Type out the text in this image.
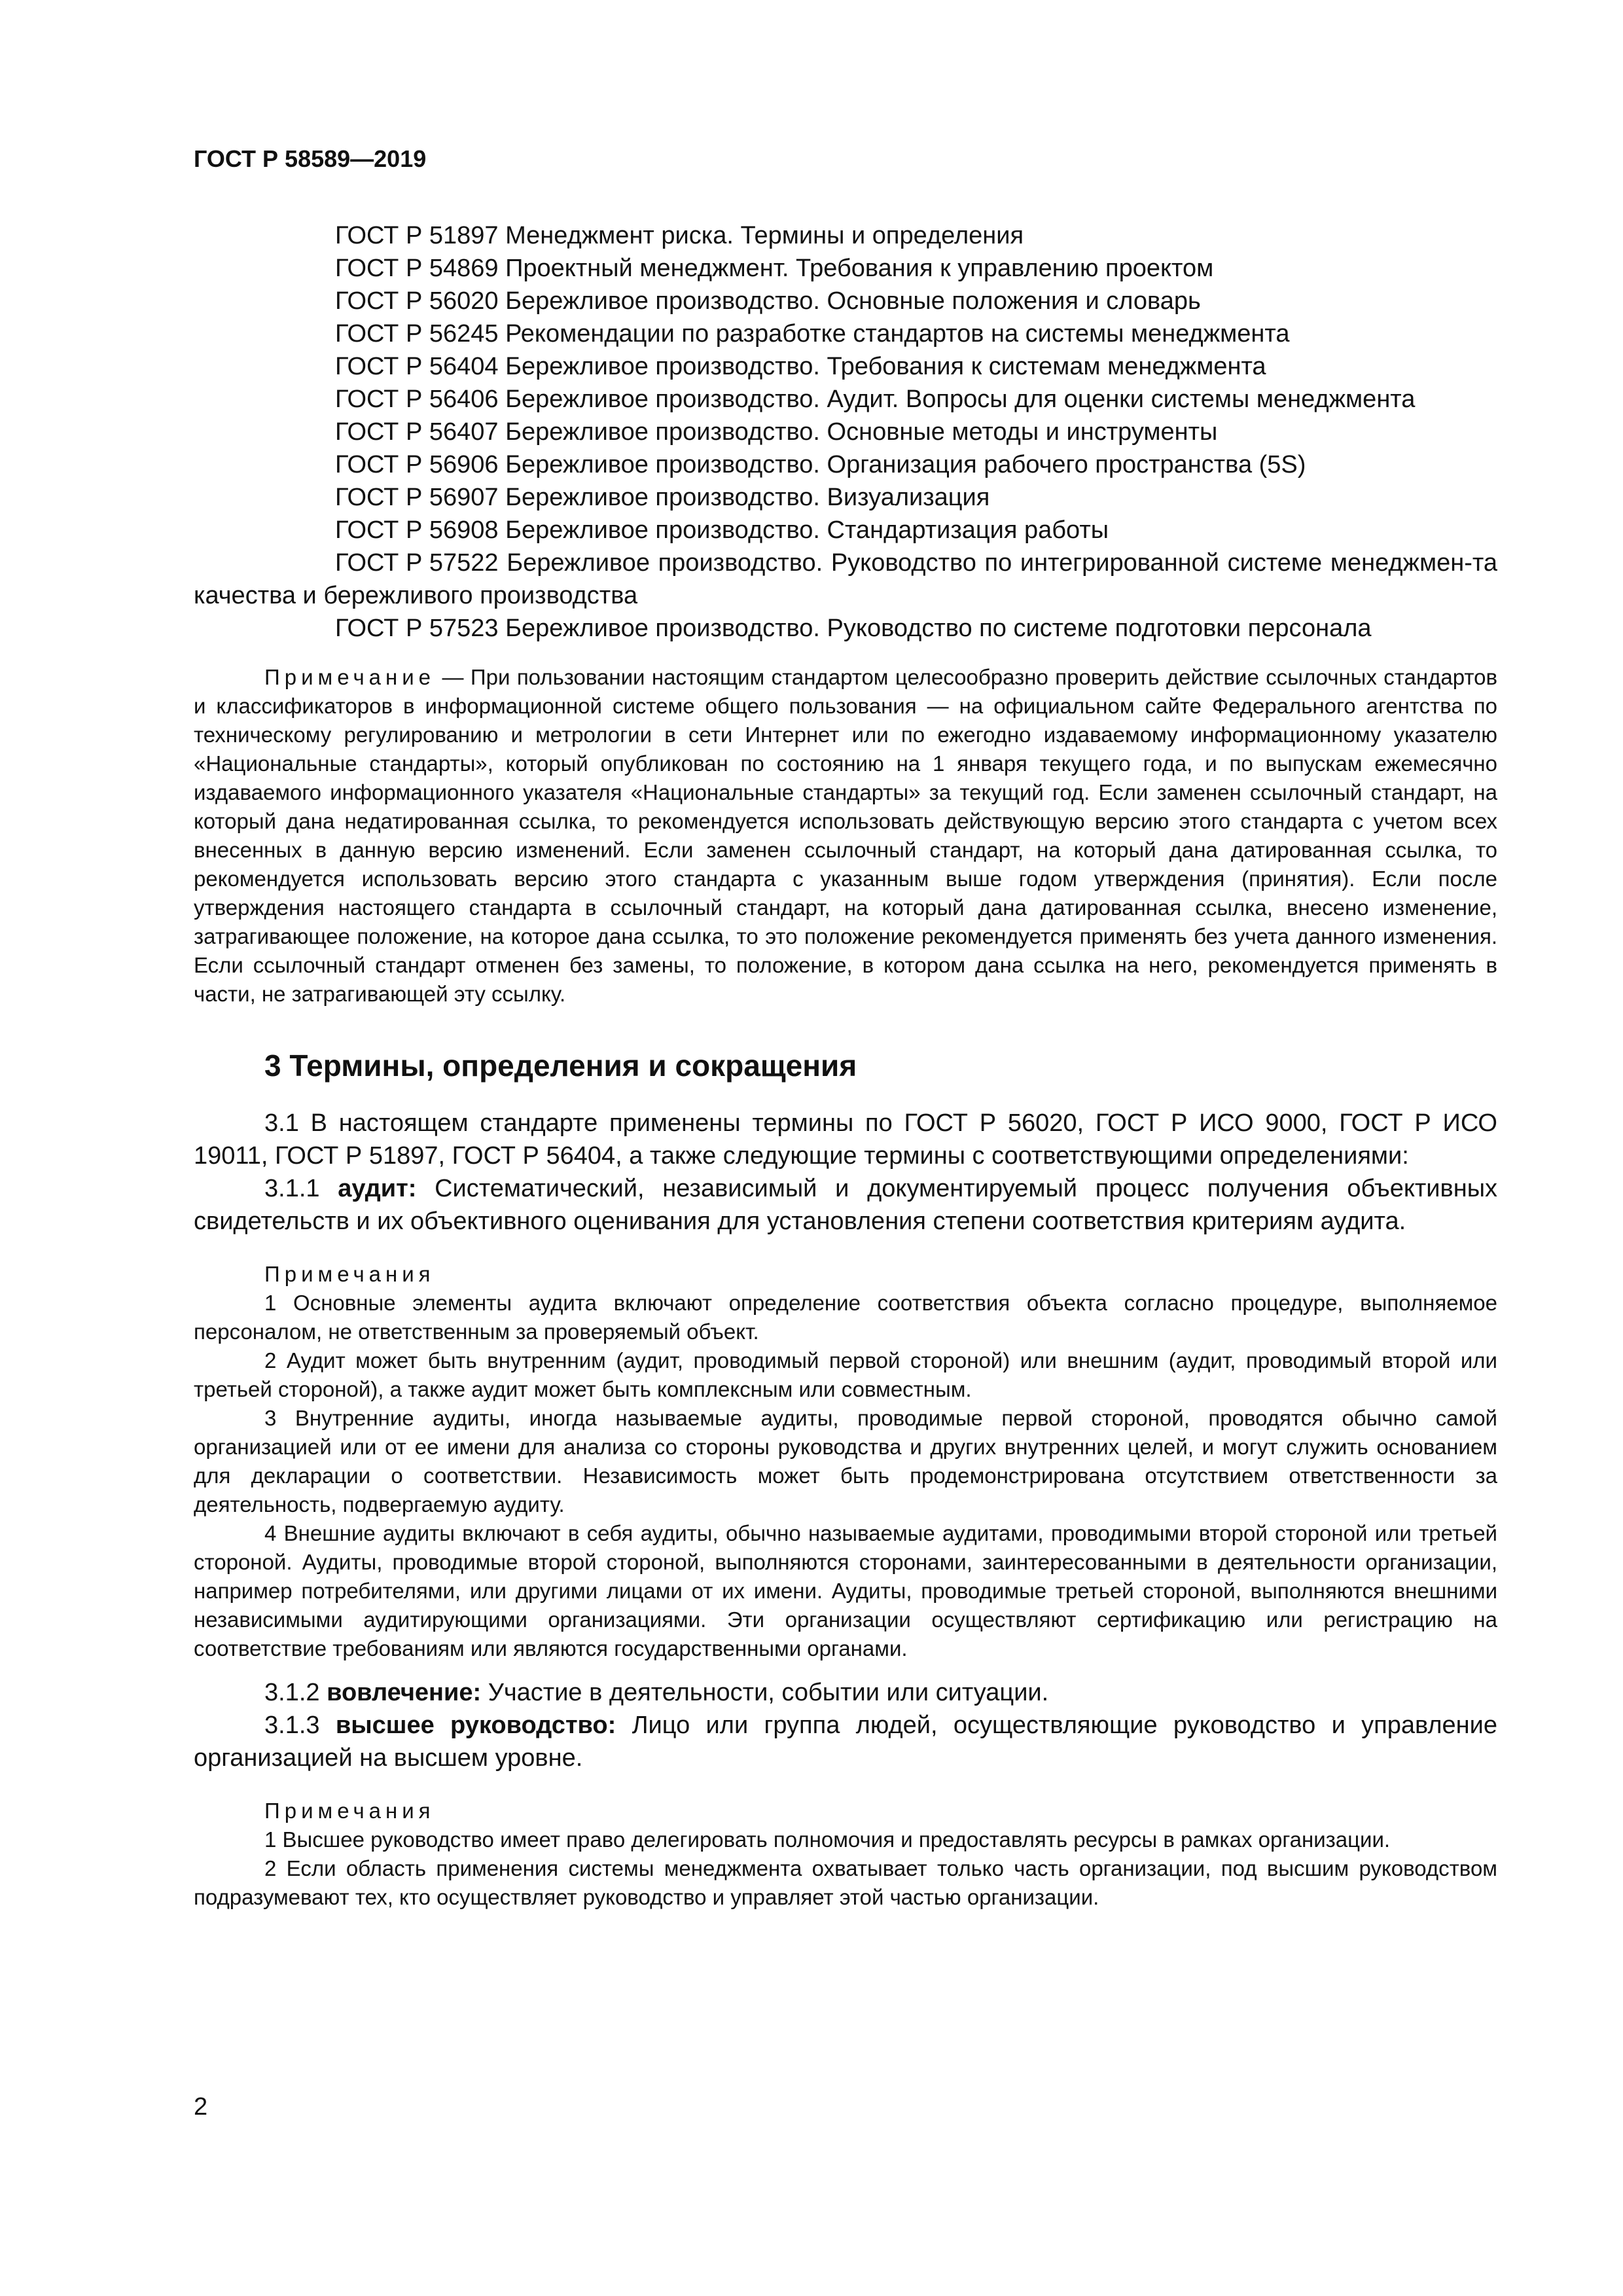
ГОСТ Р 58589—2019
ГОСТ Р 51897 Менеджмент риска. Термины и определения
ГОСТ Р 54869 Проектный менеджмент. Требования к управлению проектом
ГОСТ Р 56020 Бережливое производство. Основные положения и словарь
ГОСТ Р 56245 Рекомендации по разработке стандартов на системы менеджмента
ГОСТ Р 56404 Бережливое производство. Требования к системам менеджмента
ГОСТ Р 56406 Бережливое производство. Аудит. Вопросы для оценки системы менеджмента
ГОСТ Р 56407 Бережливое производство. Основные методы и инструменты
ГОСТ Р 56906 Бережливое производство. Организация рабочего пространства (5S)
ГОСТ Р 56907 Бережливое производство. Визуализация
ГОСТ Р 56908 Бережливое производство. Стандартизация работы
ГОСТ Р 57522 Бережливое производство. Руководство по интегрированной системе менеджмен-та качества и бережливого производства
ГОСТ Р 57523 Бережливое производство. Руководство по системе подготовки персонала

Примечание — При пользовании настоящим стандартом целесообразно проверить действие ссылочных стандартов и классификаторов в информационной системе общего пользования — на официальном сайте Федерального агентства по техническому регулированию и метрологии в сети Интернет или по ежегодно издаваемому информационному указателю «Национальные стандарты», который опубликован по состоянию на 1 января текущего года, и по выпускам ежемесячно издаваемого информационного указателя «Национальные стандарты» за текущий год. Если заменен ссылочный стандарт, на который дана недатированная ссылка, то рекомендуется использовать действующую версию этого стандарта с учетом всех внесенных в данную версию изменений. Если заменен ссылочный стандарт, на который дана датированная ссылка, то рекомендуется использовать версию этого стандарта с указанным выше годом утверждения (принятия). Если после утверждения настоящего стандарта в ссылочный стандарт, на который дана датированная ссылка, внесено изменение, затрагивающее положение, на которое дана ссылка, то это положение рекомендуется применять без учета данного изменения. Если ссылочный стандарт отменен без замены, то положение, в котором дана ссылка на него, рекомендуется применять в части, не затрагивающей эту ссылку.

3 Термины, определения и сокращения

3.1 В настоящем стандарте применены термины по ГОСТ Р 56020, ГОСТ Р ИСО 9000, ГОСТ Р ИСО 19011, ГОСТ Р 51897, ГОСТ Р 56404, а также следующие термины с соответствующими определениями:

3.1.1 аудит: Систематический, независимый и документируемый процесс получения объективных свидетельств и их объективного оценивания для установления степени соответствия критериям аудита.

Примечания

1 Основные элементы аудита включают определение соответствия объекта согласно процедуре, выполняемое персоналом, не ответственным за проверяемый объект.

2 Аудит может быть внутренним (аудит, проводимый первой стороной) или внешним (аудит, проводимый второй или третьей стороной), а также аудит может быть комплексным или совместным.

3 Внутренние аудиты, иногда называемые аудиты, проводимые первой стороной, проводятся обычно самой организацией или от ее имени для анализа со стороны руководства и других внутренних целей, и могут служить основанием для декларации о соответствии. Независимость может быть продемонстрирована отсутствием ответственности за деятельность, подвергаемую аудиту.

4 Внешние аудиты включают в себя аудиты, обычно называемые аудитами, проводимыми второй стороной или третьей стороной. Аудиты, проводимые второй стороной, выполняются сторонами, заинтересованными в деятельности организации, например потребителями, или другими лицами от их имени. Аудиты, проводимые третьей стороной, выполняются внешними независимыми аудитирующими организациями. Эти организации осуществляют сертификацию или регистрацию на соответствие требованиям или являются государственными органами.

3.1.2 вовлечение: Участие в деятельности, событии или ситуации.

3.1.3 высшее руководство: Лицо или группа людей, осуществляющие руководство и управление организацией на высшем уровне.

Примечания

1 Высшее руководство имеет право делегировать полномочия и предоставлять ресурсы в рамках организации.

2 Если область применения системы менеджмента охватывает только часть организации, под высшим руководством подразумевают тех, кто осуществляет руководство и управляет этой частью организации.

2
